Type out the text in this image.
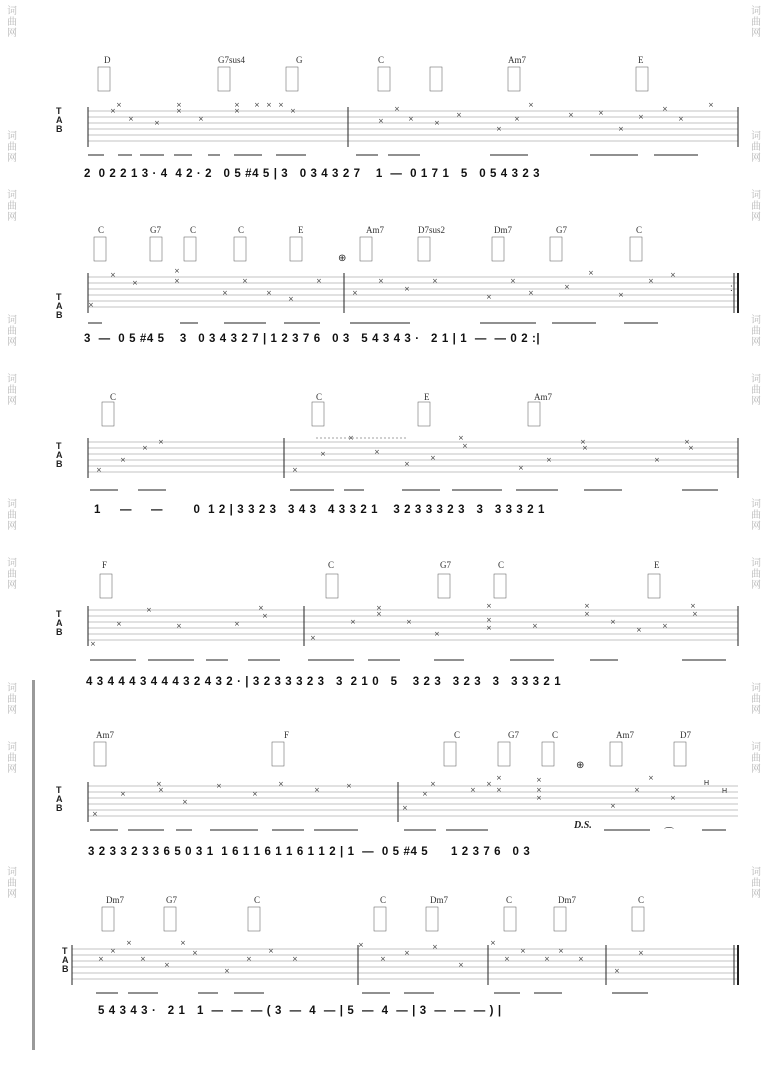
词
曲
网
词
曲
网
词
曲
网
词
曲
网
词
曲
网
词
曲
网
词
曲
网
词
曲
网
词
曲
网
词
曲
网
词
曲
网
词
曲
网
词
曲
网
词
曲
网
词
曲
网
词
曲
网
词
曲
网
词
曲
网
词
曲
网
词
曲
网
T
A
B
D	G7sus4	G	C	Am7	E
×
×
×	×
×
×
×
×
× × × ×
×
×
×
×	×
×
×
×
×
×	×
×
×
×
×
×
2  0 2 2 1 3 · 4  4 2 · 2   0 5 #4 5 | 3   0 3 4 3 2 7    1  —  0 1 7 1   5   0 5 4 3 2 3

T
A
B
C	G7	C	C	E	Am7	D7sus2	Dm7	G7	C
⊕
×
×
×
×
×
×
×
×
×
×
×
×
×
×
×
×
×
×
×
×
×
×
:
3  —  0 5 #4 5    3   0 3 4 3 2 7 | 1 2 3 7 6   0 3   5 4 3 4 3 ·   2 1 | 1  —  — 0 2 :|
T
A
B
C	C	E	Am7
×
×
×
×
×
×
×
×
×
×
×
×
×
×
×
×
×
×
×
1     —     —        0  1 2 | 3 3 2 3   3 4 3   4 3 3 2 1    3 2 3 3 3 2 3   3   3 3 3 2 1
T
A
B
F	C	G7	C	E
×
×
×
×	×
×
×
×
×
×
×
×
×
×
×
×	×
×
×
×
×	×
×
×
4 3 4 4 4 3 4 4 4 3 2 4 3 2 · | 3 2 3 3 3 2 3   3  2 1 0   5    3 2 3   3 2 3   3   3 3 3 2 1
T
A
B
Am7	F	C	G7	C	Am7	D7
⊕
D.S.
⌒
H
H
×
×
×
×
×
×
×
×
×	×
×
×
×
×
×
×
×
×
×
×
×
×
×
×
3 2 3 3 2 3 3 6 5 0 3 1  1 6 1 1 6 1 1 6 1 1 2 | 1  —  0 5 #4 5      1 2 3 7 6   0 3
T
A
B
Dm7	G7	C	C	Dm7	C	Dm7	C
×
×
×
×
×
×
×
×
×
×
×
×
×
×
×
×
×
×
×
×
×
×
×
×
5 4 3 4 3 ·   2 1   1  —  —  — ( 3  —  4  — | 5  —  4  — | 3  —  —  — ) |
